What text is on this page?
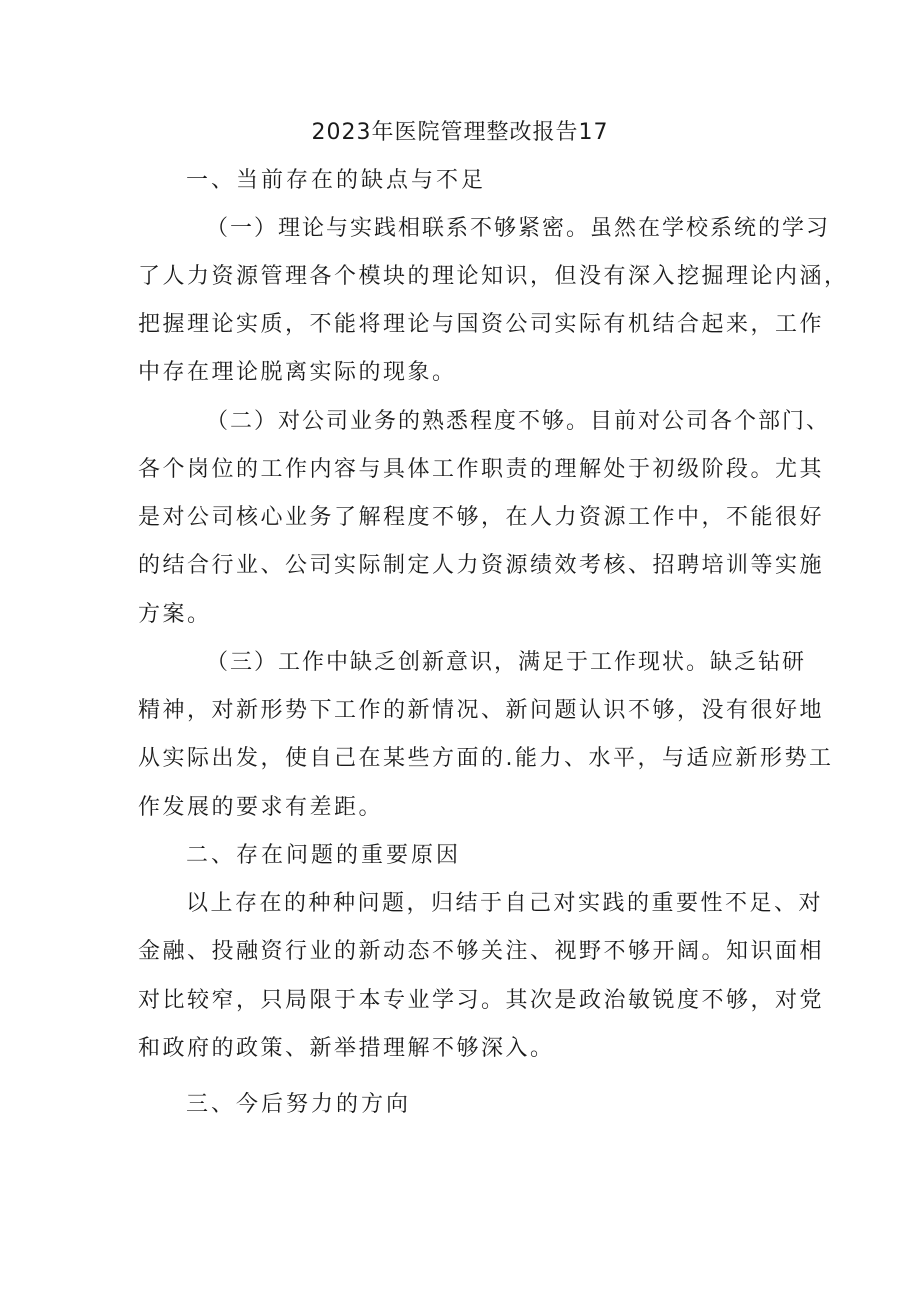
2023年医院管理整改报告17
一、当前存在的缺点与不足
（一）理论与实践相联系不够紧密。虽然在学校系统的学习
了人力资源管理各个模块的理论知识，但没有深入挖掘理论内涵，
把握理论实质，不能将理论与国资公司实际有机结合起来，工作
中存在理论脱离实际的现象。
（二）对公司业务的熟悉程度不够。目前对公司各个部门、
各个岗位的工作内容与具体工作职责的理解处于初级阶段。尤其
是对公司核心业务了解程度不够，在人力资源工作中，不能很好
的结合行业、公司实际制定人力资源绩效考核、招聘培训等实施
方案。
（三）工作中缺乏创新意识，满足于工作现状。缺乏钻研
精神，对新形势下工作的新情况、新问题认识不够，没有很好地
从实际出发，使自己在某些方面的.能力、水平，与适应新形势工
作发展的要求有差距。
二、存在问题的重要原因
以上存在的种种问题，归结于自己对实践的重要性不足、对
金融、投融资行业的新动态不够关注、视野不够开阔。知识面相
对比较窄，只局限于本专业学习。其次是政治敏锐度不够，对党
和政府的政策、新举措理解不够深入。
三、今后努力的方向
